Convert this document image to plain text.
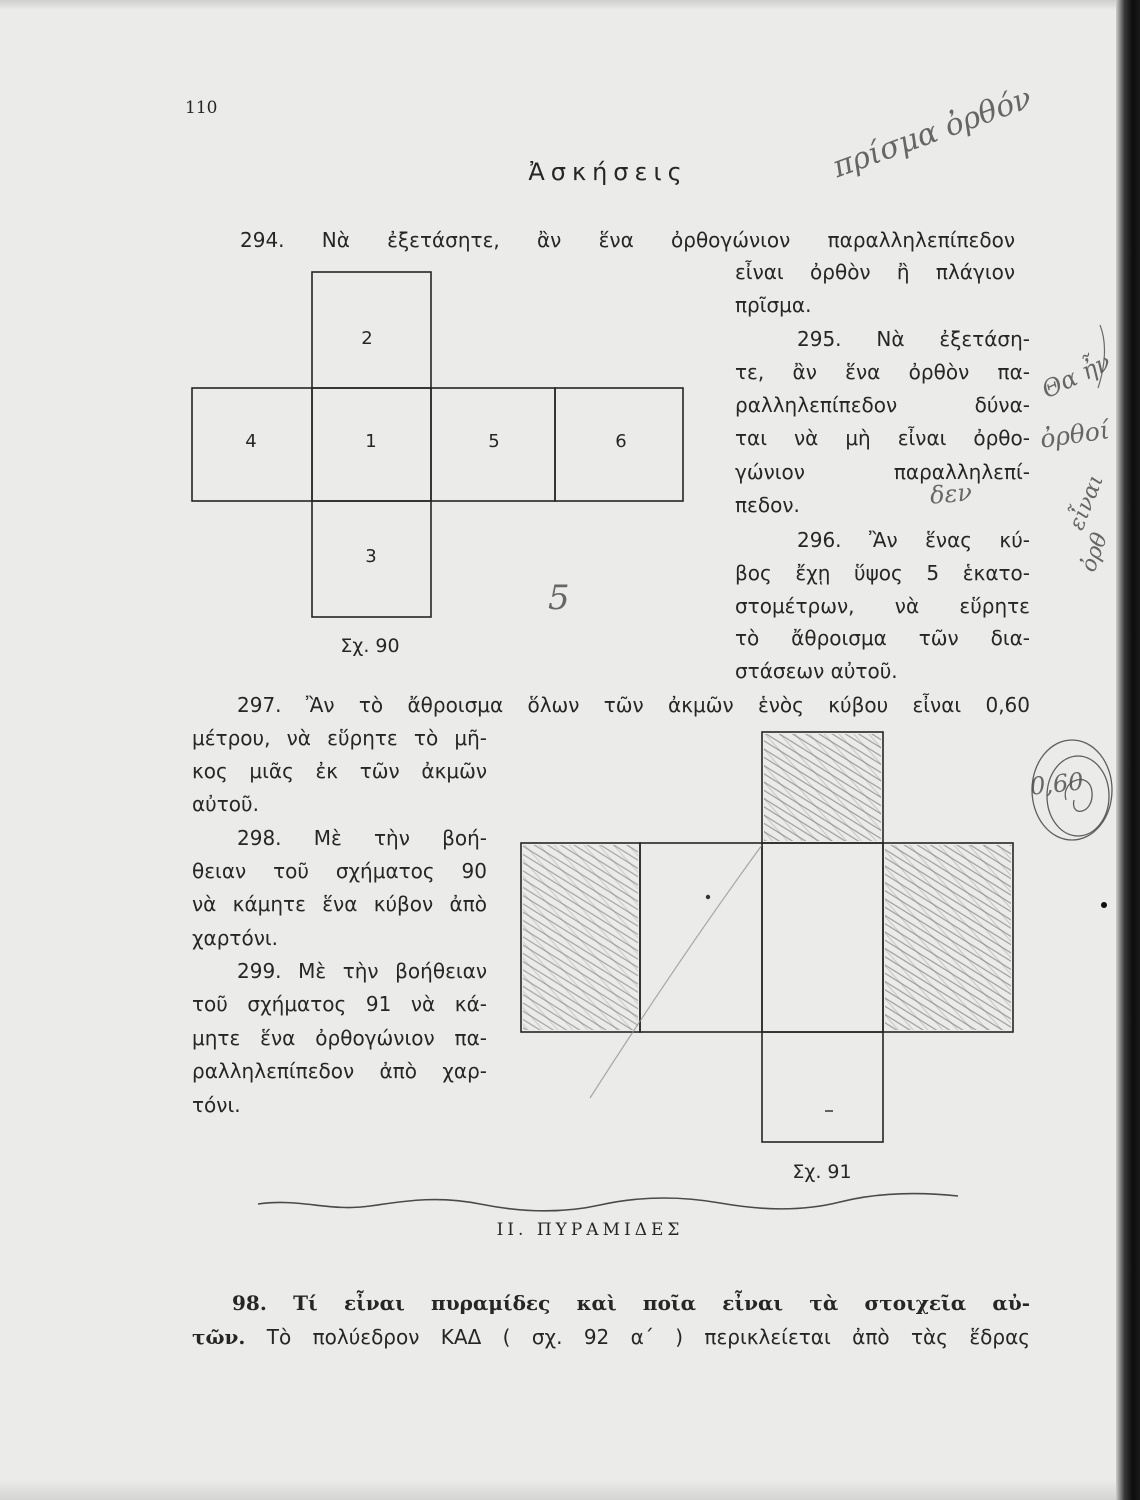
110
Ἀσκήσεις
294. Νὰ ἐξετάσητε, ἂν ἕνα ὀρθογώνιον παραλληλεπίπεδον
εἶναι ὀρθὸν ἢ πλάγιον
πρῖσμα.
295. Νὰ ἐξετάση-
τε, ἂν ἕνα ὀρθὸν πα-
ραλληλεπίπεδον δύνα-
ται νὰ μὴ εἶναι ὀρθο-
γώνιον παραλληλεπί-
πεδον.
296. Ἂν ἕνας κύ-
βος ἔχῃ ὕψος 5 ἑκατο-
στομέτρων, νὰ εὕρητε
τὸ ἄθροισμα τῶν δια-
στάσεων αὐτοῦ.
297. Ἂν τὸ ἄθροισμα ὅλων τῶν ἀκμῶν ἑνὸς κύβου εἶναι 0,60
μέτρου, νὰ εὕρητε τὸ μῆ-
κος μιᾶς ἐκ τῶν ἀκμῶν
αὐτοῦ.
298. Μὲ τὴν βοή-
θειαν τοῦ σχήματος 90
νὰ κάμητε ἕνα κύβον ἀπὸ
χαρτόνι.
299. Μὲ τὴν βοήθειαν
τοῦ σχήματος 91 νὰ κά-
μητε ἕνα ὀρθογώνιον πα-
ραλληλεπίπεδον ἀπὸ χαρ-
τόνι.
2
4	1	5	6
3
Σχ. 90
Σχ. 91
II. ΠΥΡΑΜΙΔΕΣ
98. Τί εἶναι πυραμίδες καὶ ποῖα εἶναι τὰ στοιχεῖα αὐ-
τῶν. Τὸ πολύεδρον ΚΑΔ ( σχ. 92 α΄ ) περικλείεται ἀπὸ τὰς ἕδρας
πρίσμα ὀρθόν
5
0,60
Θα ἦν
ὀρθοί
δεν	εἶναι
ὀρθ
